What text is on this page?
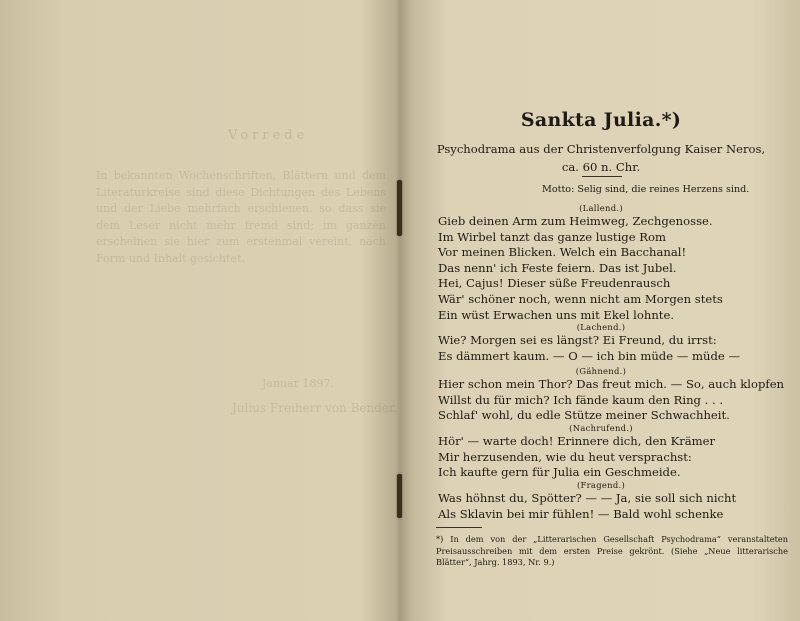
Vorrede
In bekannten Wochenschriften, Blättern und dem Literaturkreise sind diese Dichtungen des Lebens und der Liebe mehrfach erschienen, so dass sie dem Leser nicht mehr fremd sind; im ganzen erscheinen sie hier zum erstenmal vereint, nach Form und Inhalt gesichtet.
Januar 1897.
Julius Freiherr von Bender.
Sankta Julia.*)
Psychodrama aus der Christenverfolgung Kaiser Neros,
ca. 60 n. Chr.
Motto: Selig sind, die reines Herzens sind.
(Lallend.)
Gieb deinen Arm zum Heimweg, Zechgenosse.
Im Wirbel tanzt das ganze lustige Rom
Vor meinen Blicken. Welch ein Bacchanal!
Das nenn' ich Feste feiern. Das ist Jubel.
Hei, Cajus! Dieser süße Freudenrausch
Wär' schöner noch, wenn nicht am Morgen stets
Ein wüst Erwachen uns mit Ekel lohnte.
(Lachend.)
Wie? Morgen sei es längst? Ei Freund, du irrst:
Es dämmert kaum. — O — ich bin müde — müde —
(Gähnend.)
Hier schon mein Thor? Das freut mich. — So, auch klopfen
Willst du für mich? Ich fände kaum den Ring . . .
Schlaf' wohl, du edle Stütze meiner Schwachheit.
(Nachrufend.)
Hör' — warte doch! Erinnere dich, den Krämer
Mir herzusenden, wie du heut versprachst:
Ich kaufte gern für Julia ein Geschmeide.
(Fragend.)
Was höhnst du, Spötter? — — Ja, sie soll sich nicht
Als Sklavin bei mir fühlen! — Bald wohl schenke
*) In dem von der „Litterarischen Gesellschaft Psychodrama“ veranstalteten Preisausschreiben mit dem ersten Preise gekrönt. (Siehe „Neue litterarische Blätter“, Jahrg. 1893, Nr. 9.)
